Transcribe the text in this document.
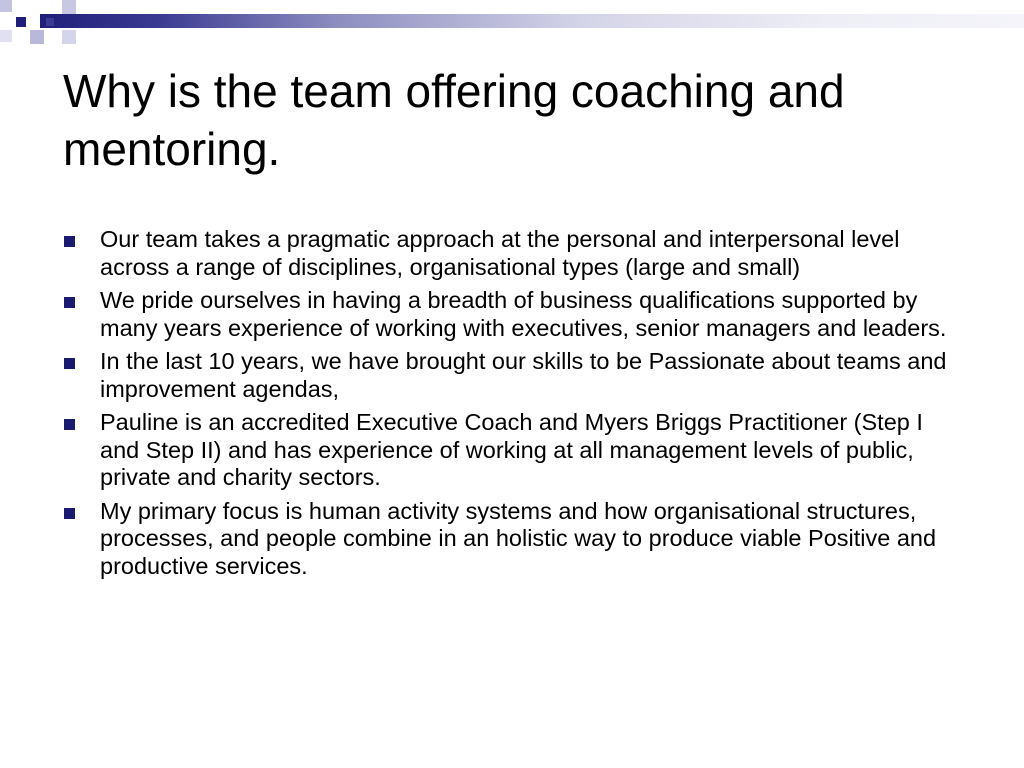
Why is the team offering coaching and mentoring.
Our team takes a pragmatic approach at the personal and interpersonal level across a range of disciplines, organisational types (large and small)
We pride ourselves in having a breadth of business qualifications supported by many years experience of working with executives, senior managers and leaders.
In the last 10 years, we have brought our skills to be Passionate about teams and improvement agendas,
Pauline is an accredited Executive Coach and Myers Briggs Practitioner (Step I and Step II) and has experience of working at all management levels of public, private and charity sectors.
My primary focus is human activity systems and how organisational structures, processes, and people combine in an holistic way to produce viable Positive and productive services.
